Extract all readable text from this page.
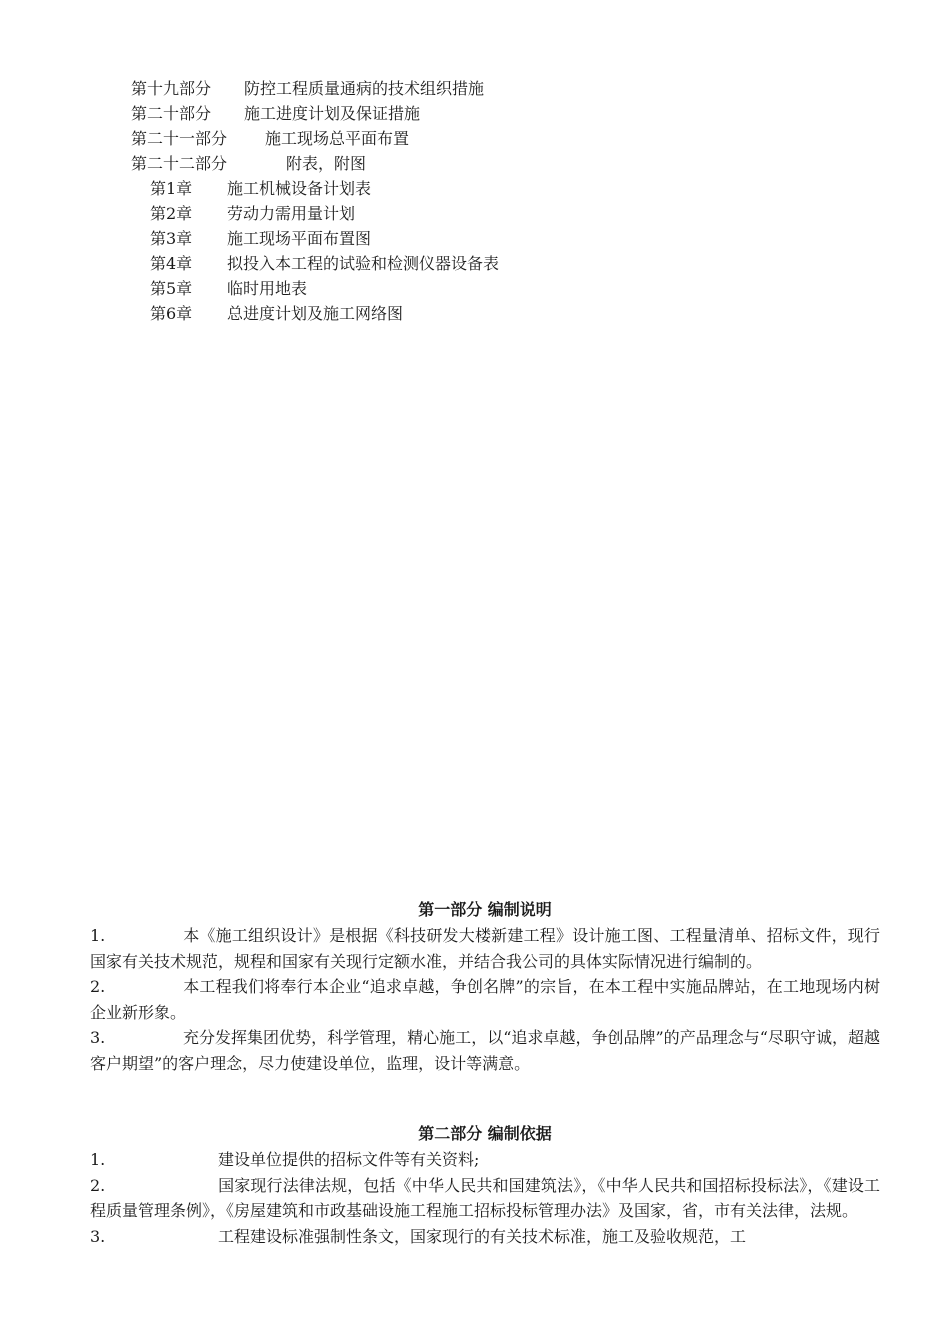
第十九部分	防控工程质量通病的技术组织措施
第二十部分	施工进度计划及保证措施
第二十一部分	施工现场总平面布置
第二十二部分	附表，附图
第1章	施工机械设备计划表
第2章	劳动力需用量计划
第3章	施工现场平面布置图
第4章	拟投入本工程的试验和检测仪器设备表
第5章	临时用地表
第6章	总进度计划及施工网络图
第一部分 编制说明
1.	本《施工组织设计》是根据《科技研发大楼新建工程》设计施工图、工程量清单、招标文件，现行国家有关技术规范，规程和国家有关现行定额水准，并结合我公司的具体实际情况进行编制的。
2.	本工程我们将奉行本企业“追求卓越，争创名牌”的宗旨，在本工程中实施品牌站，在工地现场内树企业新形象。
3.	充分发挥集团优势，科学管理，精心施工，以“追求卓越，争创品牌”的产品理念与“尽职守诚，超越客户期望”的客户理念，尽力使建设单位，监理，设计等满意。
第二部分 编制依据
1.	建设单位提供的招标文件等有关资料;
2.	国家现行法律法规，包括《中华人民共和国建筑法》，《中华人民共和国招标投标法》，《建设工程质量管理条例》，《房屋建筑和市政基础设施工程施工招标投标管理办法》及国家，省，市有关法律，法规。
3.	工程建设标准强制性条文，国家现行的有关技术标准，施工及验收规范，工
